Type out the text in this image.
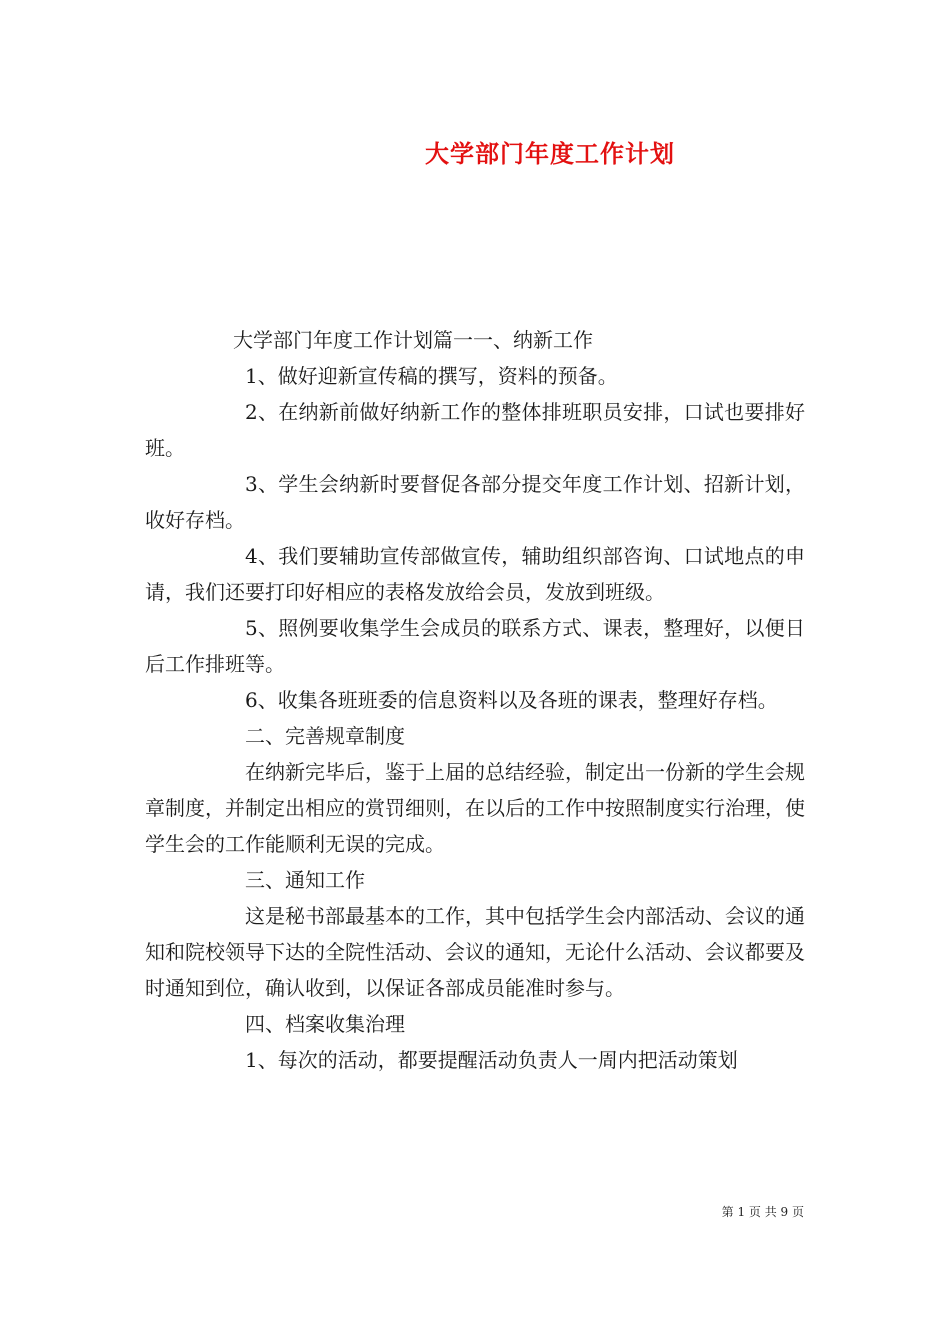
大学部门年度工作计划

大学部门年度工作计划篇一一、纳新工作

1、做好迎新宣传稿的撰写，资料的预备。

2、在纳新前做好纳新工作的整体排班职员安排，口试也要排好班。

3、学生会纳新时要督促各部分提交年度工作计划、招新计划，收好存档。

4、我们要辅助宣传部做宣传，辅助组织部咨询、口试地点的申请，我们还要打印好相应的表格发放给会员，发放到班级。

5、照例要收集学生会成员的联系方式、课表，整理好，以便日后工作排班等。

6、收集各班班委的信息资料以及各班的课表，整理好存档。

二、完善规章制度

在纳新完毕后，鉴于上届的总结经验，制定出一份新的学生会规章制度，并制定出相应的赏罚细则，在以后的工作中按照制度实行治理，使学生会的工作能顺利无误的完成。

三、通知工作

这是秘书部最基本的工作，其中包括学生会内部活动、会议的通知和院校领导下达的全院性活动、会议的通知，无论什么活动、会议都要及时通知到位，确认收到，以保证各部成员能准时参与。

四、档案收集治理

1、每次的活动，都要提醒活动负责人一周内把活动策划

第 1 页 共 9 页
